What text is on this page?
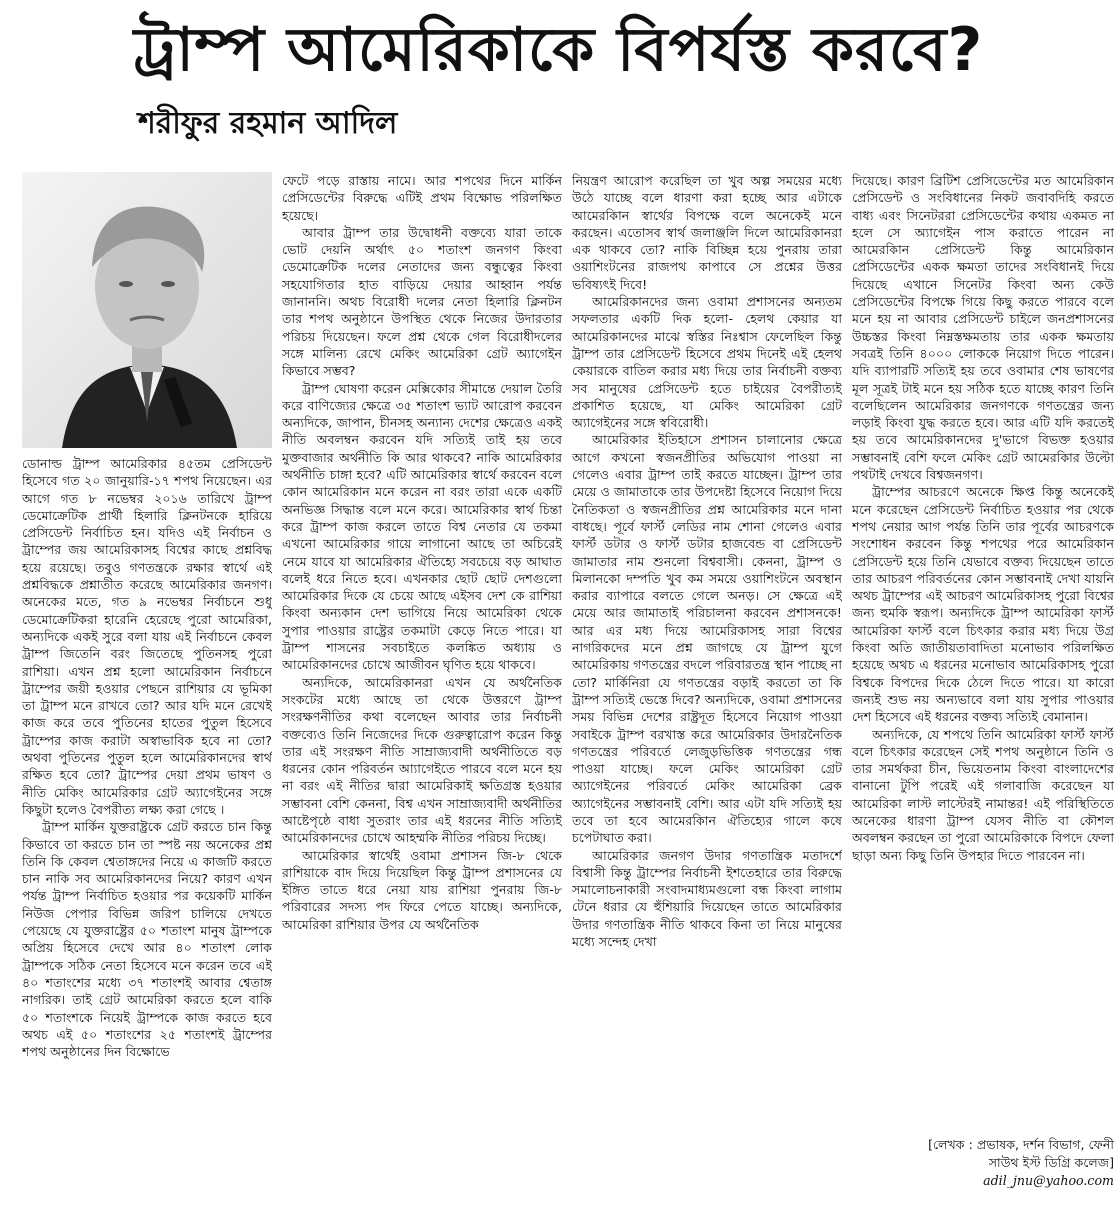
ট্রাম্প আমেরিকাকে বিপর্যস্ত করবে?
শরীফুর রহমান আদিল

ডোনাল্ড ট্রাম্প আমেরিকার ৪৫তম প্রেসিডেন্ট হিসেবে গত ২০ জানুয়ারি-১৭ শপথ নিয়েছেন। এর আগে গত ৮ নভেম্বর ২০১৬ তারিখে ট্রাম্প ডেমোক্রেটিক প্রার্থী হিলারি ক্লিনটনকে হারিয়ে প্রেসিডেন্ট নির্বাচিত হন। যদিও এই নির্বাচন ও ট্রাম্পের জয় আমেরিকাসহ বিশ্বের কাছে প্রশ্নবিদ্ধ হয়ে রয়েছে। তবুও গণতন্ত্রকে রক্ষার স্বার্থে এই প্রশ্নবিদ্ধকে প্রশ্নাতীত করেছে আমেরিকার জনগণ। অনেকের মতে, গত ৯ নভেম্বর নির্বাচনে শুধু ডেমোক্রেটিকরা হারেনি হেরেছে পুরো আমেরিকা, অন্যদিকে একই সুরে বলা যায় এই নির্বাচনে কেবল ট্রাম্প জিতেনি বরং জিতেছে পুতিনসহ পুরো রাশিয়া। এখন প্রশ্ন হলো আমেরিকান নির্বাচনে ট্রাম্পের জয়ী হওয়ার পেছনে রাশিয়ার যে ভূমিকা তা ট্রাম্প মনে রাখবে তো? আর যদি মনে রেখেই কাজ করে তবে পুতিনের হাতের পুতুল হিসেবে ট্রাম্পের কাজ করাটা অস্বাভাবিক হবে না তো? অথবা পুতিনের পুতুল হলে আমেরিকানদের স্বার্থ রক্ষিত হবে তো? ট্রাম্পের দেয়া প্রথম ভাষণ ও নীতি মেকিং আমেরিকার গ্রেট অ্যাগেইনের সঙ্গে কিছুটা হলেও বৈপরীত্য লক্ষ্য করা গেছে ।

ট্রাম্প মার্কিন যুক্তরাষ্ট্রকে গ্রেট করতে চান কিন্তু কিভাবে তা করতে চান তা স্পষ্ট নয় অনেকের প্রশ্ন তিনি কি কেবল শ্বেতাঙ্গদের নিয়ে এ কাজটি করতে চান নাকি সব আমেরিকানদের নিয়ে? কারণ এখন পর্যন্ত ট্রাম্প নির্বাচিত হওয়ার পর কয়েকটি মার্কিন নিউজ পেপার বিভিন্ন জরিপ চালিয়ে দেখতে পেয়েছে যে যুক্তরাষ্ট্রের ৫০ শতাংশ মানুষ ট্রাম্পকে অপ্রিয় হিসেবে দেখে আর ৪০ শতাংশ লোক ট্রাম্পকে সঠিক নেতা হিসেবে মনে করেন তবে এই ৪০ শতাংশের মধ্যে ৩৭ শতাংশই আবার শ্বেতাঙ্গ নাগরিক। তাই গ্রেট আমেরিকা করতে হলে বাকি ৫০ শতাংশকে নিয়েই ট্রাম্পকে কাজ করতে হবে অথচ এই ৫০ শতাংশের ২৫ শতাংশই ট্রাম্পের শপথ অনুষ্ঠানের দিন বিক্ষোভে

ফেটে পড়ে রাস্তায় নামে। আর শপথের দিনে মার্কিন প্রেসিডেন্টের বিরুদ্ধে এটিই প্রথম বিক্ষোভ পরিলক্ষিত হয়েছে।

আবার ট্রাম্প তার উদ্বোধনী বক্তব্যে যারা তাকে ভোট দেয়নি অর্থাৎ ৫০ শতাংশ জনগণ কিংবা ডেমোক্রেটিক দলের নেতাদের জন্য বন্ধুত্বের কিংবা সহযোগিতার হাত বাড়িয়ে দেয়ার আহ্বান পর্যন্ত জানাননি। অথচ বিরোধী দলের নেতা হিলারি ক্লিনটন তার শপথ অনুষ্ঠানে উপস্থিত থেকে নিজের উদারতার পরিচয় দিয়েছেন। ফলে প্রশ্ন থেকে গেল বিরোধীদলের সঙ্গে মালিন্য রেখে মেকিং আমেরিকা গ্রেট অ্যাগেইন কিভাবে সম্ভব?

ট্রাম্প ঘোষণা করেন মেক্সিকোর সীমান্তে দেয়াল তৈরি করে বাণিজ্যের ক্ষেত্রে ৩৫ শতাংশ ভ্যাট আরোপ করবেন অন্যদিকে, জাপান, চীনসহ অন্যান্য দেশের ক্ষেত্রেও একই নীতি অবলম্বন করবেন যদি সত্যিই তাই হয় তবে মুক্তবাজার অর্থনীতি কি আর থাকবে? নাকি আমেরিকার অর্থনীতি চাঙ্গা হবে? এটি আমেরিকার স্বার্থে করবেন বলে কোন আমেরিকান মনে করেন না বরং তারা একে একটি অনভিজ্ঞ সিদ্ধান্ত বলে মনে করে। আমেরিকার স্বার্থ চিন্তা করে ট্রাম্প কাজ করলে তাতে বিশ্ব নেতার যে তকমা এখনো আমেরিকার গায়ে লাগানো আছে তা অচিরেই নেমে যাবে যা আমেরিকার ঐতিহ্যে সবচেয়ে বড় আঘাত বলেই ধরে নিতে হবে। এখনকার ছোট ছোট দেশগুলো আমেরিকার দিকে যে চেয়ে আছে এইসব দেশ কে রাশিয়া কিংবা অন্যকান দেশ ভাগিয়ে নিয়ে আমেরিকা থেকে সুপার পাওয়ার রাষ্ট্রের তকমাটা কেড়ে নিতে পারে। যা ট্রাম্প শাসনের সবচাইতে কলঙ্কিত অধ্যায় ও আমেরিকানদের চোখে আজীবন ঘৃণিত হয়ে থাকবে।

অন্যদিকে, আমেরিকানরা এখন যে অর্থনৈতিক সংকটের মধ্যে আছে তা থেকে উত্তরণে ট্রাম্প সংরক্ষণনীতির কথা বলেছেন আবার তার নির্বাচনী বক্তব্যেও তিনি নিজেদের দিকে গুরুত্বারোপ করেন কিন্তু তার এই সংরক্ষণ নীতি সাম্রাজ্যবাদী অর্থনীতিতে বড় ধরনের কোন পরিবর্তন আ্যাগেইতে পারবে বলে মনে হয় না বরং এই নীতির দ্বারা আমেরিকাই ক্ষতিগ্রস্ত হওয়ার সম্ভাবনা বেশি কেননা, বিশ্ব এখন সাম্রাজ্যবাদী অর্থনীতির আষ্টেপৃষ্ঠে বাধা সুতরাং তার এই ধরনের নীতি সত্যিই আমেরিকানদের চোখে আহম্মকি নীতির পরিচয় দিচ্ছে।

আমেরিকার স্বার্থেই ওবামা প্রশাসন জি-৮ থেকে রাশিয়াকে বাদ দিয়ে দিয়েছিল কিন্তু ট্রাম্প প্রশাসনের যে ইঙ্গিত তাতে ধরে নেয়া যায় রাশিয়া পুনরায় জি-৮ পরিবারের সদস্য পদ ফিরে পেতে যাচ্ছে। অন্যদিকে, আমেরিকা রাশিয়ার উপর যে অর্থনৈতিক

নিয়ন্ত্রণ আরোপ করেছিল তা খুব অল্প সময়ের মধ্যে উঠে যাচ্ছে বলে ধারণা করা হচ্ছে আর এটাকে আমেরকিান স্বার্থের বিপক্ষে বলে অনেকেই মনে করছেন। এতোসব স্বার্থ জলাঞ্জলি দিলে আমেরিকানরা এক থাকবে তো? নাকি বিচ্ছিন্ন হয়ে পুনরায় তারা ওয়াশিংটনের রাজপথ কাপাবে সে প্রশ্নের উত্তর ভবিষ্যৎই দিবে!

আমেরিকানদের জন্য ওবামা প্রশাসনের অন্যতম সফলতার একটি দিক হলো- হেলথ কেয়ার যা আমেরিকানদের মাঝে স্বস্তির নিঃশ্বাস ফেলেছিল কিন্তু ট্রাম্প তার প্রেসিডেন্ট হিসেবে প্রথম দিনেই এই হেলথ কেয়ারকে বাতিল করার মধ্য দিয়ে তার নির্বাচনী বক্তব্য সব মানুষের প্রেসিডেন্ট হতে চাইয়ের বৈপরীত্যই প্রকাশিত হয়েছে, যা মেকিং আমেরিকা গ্রেট অ্যাগেইনের সঙ্গে স্ববিরোধী।

আমেরিকার ইতিহাসে প্রশাসন চালানোর ক্ষেত্রে আগে কখনো স্বজনপ্রীতির অভিযোগ পাওয়া না গেলেও এবার ট্রাম্প তাই করতে যাচ্ছেন। ট্রাম্প তার মেয়ে ও জামাতাকে তার উপদেষ্টা হিসেবে নিয়োগ দিয়ে নৈতিকতা ও স্বজনপ্রীতির প্রশ্ন আমেরিকার মনে দানা বাধছে। পূর্বে ফার্স্ট লেডির নাম শোনা গেলেও এবার ফার্স্ট ডটার ও ফার্স্ট ডটার হাজবেন্ড বা প্রেসিডেন্ট জামাতার নাম শুনলো বিশ্ববাসী। কেননা, ট্রাম্প ও মিলানকো দম্পতি খুব কম সময়ে ওয়াশিংটনে অবস্থান করার ব্যাপারে বলতে গেলে অনড়। সে ক্ষেত্রে এই মেয়ে আর জামাতাই পরিচালনা করবেন প্রশাসনকে! আর এর মধ্য দিয়ে আমেরিকাসহ সারা বিশ্বের নাগরিকদের মনে প্রশ্ন জাগছে যে ট্রাম্প যুগে আমেরিকায় গণতন্ত্রের বদলে পরিবারতন্ত্র স্থান পাচ্ছে না তো? মার্কিনিরা যে গণতন্ত্রের বড়াই করতো তা কি ট্রাম্প সত্যিই ভেস্তে দিবে? অন্যদিকে, ওবামা প্রশাসনের সময় বিভিন্ন দেশের রাষ্ট্রদূত হিসেবে নিয়োগ পাওয়া সবাইকে ট্রাম্প বরখাস্ত করে আমেরিকার উদারনৈতিক গণতন্ত্রের পরিবর্তে লেজুড়ভিত্তিক গণতন্ত্রের গন্ধ পাওয়া যাচ্ছে। ফলে মেকিং আমেরিকা গ্রেট অ্যাগেইনের পরিবর্তে মেকিং আমেরিকা ব্রেক অ্যাগেইনের সম্ভাবনাই বেশি। আর এটা যদি সত্যিই হয় তবে তা হবে আমেরকিান ঐতিহ্যের গালে কষে চপেটাঘাত করা।

আমেরিকার জনগণ উদার গণতান্ত্রিক মতাদর্শে বিশ্বাসী কিন্তু ট্রাম্পের নির্বাচনী ইশতেহারে তার বিরুদ্ধে সমালোচনাকারী সংবাদমাধ্যমগুলো বন্ধ কিংবা লাগাম টেনে ধরার যে হুঁশিয়ারি দিয়েছেন তাতে আমেরিকার উদার গণতান্ত্রিক নীতি থাকবে কিনা তা নিয়ে মানুষের মধ্যে সন্দেহ দেখা

দিয়েছে। কারণ ব্রিটিশ প্রেসিডেন্টের মত আমেরিকান প্রেসিডেন্ট ও সংবিধানের নিকট জবাবদিহি করতে বাধ্য এবং সিনেটররা প্রেসিডেন্টের কথায় একমত না হলে সে অ্যাগেইন পাস করাতে পারেন না আমেরকিান প্রেসিডেন্ট কিন্তু আমেরিকান প্রেসিডেন্টের একক ক্ষমতা তাদের সংবিধানই দিয়ে দিয়েছে এখানে সিনেটর কিংবা অন্য কেউ প্রেসিডেন্টের বিপক্ষে গিয়ে কিছু করতে পারবে বলে মনে হয় না আবার প্রেসিডেন্ট চাইলে জনপ্রশাসনের উচ্চস্তর কিংবা নিম্নস্তক্ষমতায় তার একক ক্ষমতায় সবত্রই তিনি ৪০০০ লোককে নিয়োগ দিতে পারেন। যদি ব্যাপারটি সত্যিই হয় তবে ওবামার শেষ ভাষণের মূল সূত্রই টাই মনে হয় সঠিক হতে যাচ্ছে কারণ তিনি বলেছিলেন আমেরিকার জনগণকে গণতন্ত্রের জন্য লড়াই কিংবা যুদ্ধ করতে হবে। আর এটি যদি করতেই হয় তবে আমেরিকানদের দু'ভাগে বিভক্ত হওয়ার সম্ভাবনাই বেশি ফলে মেকিং গ্রেট আমেরকিার উল্টো পথটাই দেখবে বিশ্বজনগণ।

ট্রাম্পের আচরণে অনেকে ক্ষিপ্ত কিন্তু অনেকেই মনে করেছেন প্রেসিডেন্ট নির্বাচিত হওয়ার পর থেকে শপথ নেয়ার আগ পর্যন্ত তিনি তার পূর্বের আচরণকে সংশোধন করবেন কিন্তু শপথের পরে আমেরিকান প্রেসিডেন্ট হয়ে তিনি যেভাবে বক্তব্য দিয়েছেন তাতে তার আচরণ পরিবর্তনের কোন সম্ভাবনাই দেখা যায়নি অথচ ট্রাম্পের এই আচরণ আমেরিকাসহ পুরো বিশ্বের জন্য হুমকি স্বরূপ। অন্যদিকে ট্রাম্প আমেরিকা ফার্স্ট আমেরিকা ফার্স্ট বলে চিৎকার করার মধ্য দিয়ে উগ্র কিংবা অতি জাতীয়তাবাদিতা মনোভাব পরিলক্ষিত হয়েছে অথচ এ ধরনের মনোভাব আমেরিকাসহ পুরো বিশ্বকে বিপদের দিকে ঠেলে দিতে পারে। যা কারো জন্যই শুভ নয় অন্যভাবে বলা যায় সুপার পাওয়ার দেশ হিসেবে এই ধরনের বক্তব্য সত্যিই বেমানান।

অন্যদিকে, যে শপথে তিনি আমেরিকা ফার্স্ট ফার্স্ট বলে চিৎকার করেছেন সেই শপথ অনুষ্ঠানে তিনি ও তার সমর্থকরা চীন, ভিয়েতনাম কিংবা বাংলাদেশের বানানো টুপি পরেই এই গলাবাজি করেছেন যা আমেরিকা লাস্ট লাস্টেরই নামান্তর! এই পরিস্থিতিতে অনেকের ধারণা ট্রাম্প যেসব নীতি বা কৌশল অবলম্বন করছেন তা পুরো আমেরিকাকে বিপদে ফেলা ছাড়া অন্য কিছু তিনি উপহার দিতে পারবেন না।

[লেখক : প্রভাষক, দর্শন বিভাগ, ফেনী
সাউথ ইস্ট ডিগ্রি কলেজ]
adil_jnu@yahoo.com
